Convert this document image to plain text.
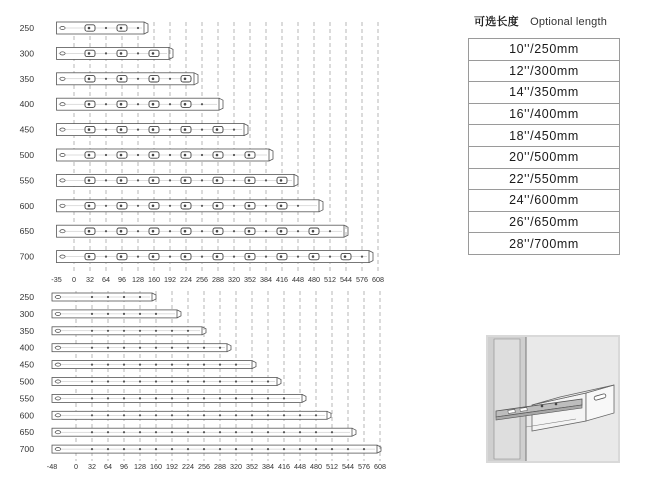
-35 0 32 64 96 128 160 192 224 256 288 320 352 384 416 448 480 512 544 576 608
250
300
350
400
450
500
550
600
650
700
-48 0 32 64 96 128 160 192 224 256 288 320 352 384 416 448 480 512 544 576 608
250
300
350
400
450
500
550
600
650
700
可选长度 Optional length
10''/250mm
12''/300mm
14''/350mm
16''/400mm
18''/450mm
20''/500mm
22''/550mm
24''/600mm
26''/650mm
28''/700mm
